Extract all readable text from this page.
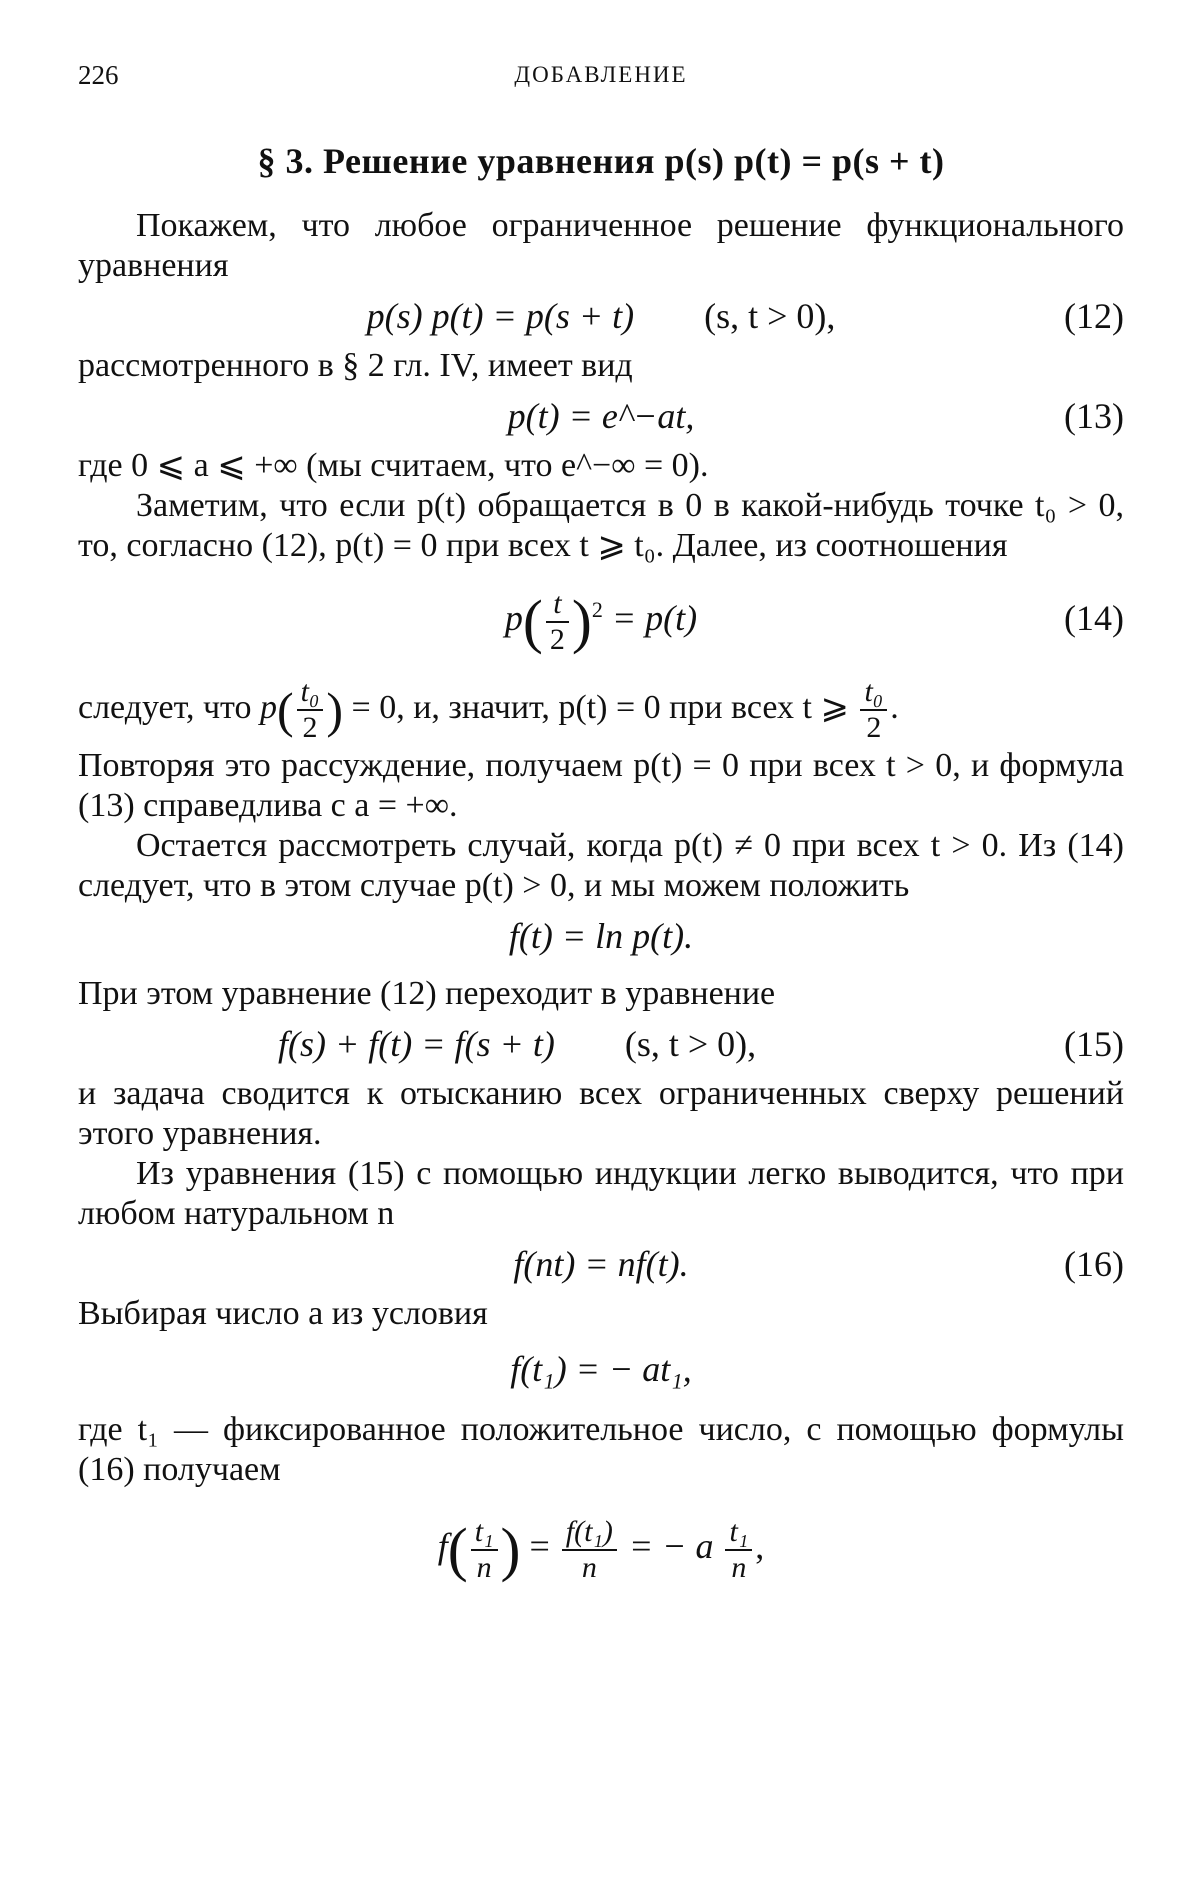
226	ДОБАВЛЕНИЕ
§ 3. Решение уравнения p(s) p(t) = p(s + t)

Покажем, что любое ограниченное решение функционального уравнения

p(s) p(t) = p(s + t) (s, t > 0),	(12)

рассмотренного в § 2 гл. IV, имеет вид

p(t) = e^−at,	(13)

где 0 ⩽ a ⩽ +∞ (мы считаем, что e^−∞ = 0).

Заметим, что если p(t) обращается в 0 в какой-нибудь точке t₀ > 0, то, согласно (12), p(t) = 0 при всех t ⩾ t₀. Далее, из соотношения

$p( \frac{t}{2} )^2 = p(t)$	(14)

следует, что $p( \frac{\text{t₀}}{2}$ ) = 0, и, значит, p(t) = 0 при всех t ⩾ $\frac{\text{t₀}}{2}$ .

Повторяя это рассуждение, получаем p(t) = 0 при всех t > 0, и формула (13) справедлива с a = +∞.

Остается рассмотреть случай, когда p(t) ≠ 0 при всех t > 0. Из (14) следует, что в этом случае p(t) > 0, и мы можем положить

f(t) = ln p(t).

При этом уравнение (12) переходит в уравнение

f(s) + f(t) = f(s + t) (s, t > 0),	(15)

и задача сводится к отысканию всех ограниченных сверху решений этого уравнения.

Из уравнения (15) с помощью индукции легко выводится, что при любом натуральном n

f(nt) = nf(t).	(16)

Выбирая число a из условия

f(t₁) = − at₁,

где t₁ — фиксированное положительное число, с помощью формулы (16) получаем

$f( \frac{\text{t₁}}{n}$ ) = $\frac{\text{f(t₁)}}{n}$ = − a $\frac{\text{t₁}}{n}$ ,
